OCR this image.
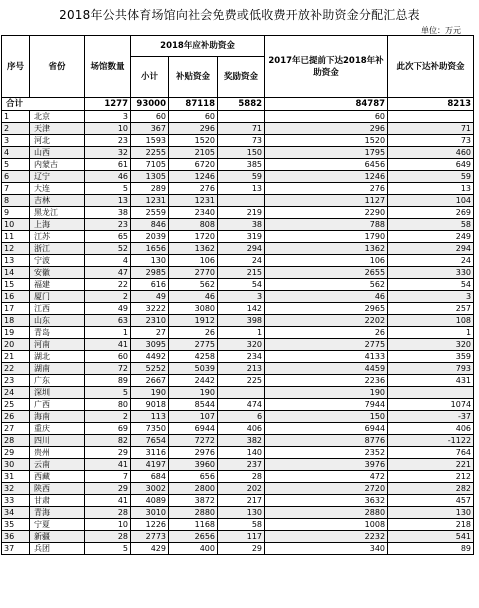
2018年公共体育场馆向社会免费或低收费开放补助资金分配汇总表
单位：万元
序号	省份	场馆数量	2018年应补助资金			2017年已提前下达2018年补助资金	此次下达补助资金
			小计	补贴资金	奖励资金		
合计		1277	93000	87118	5882	84787	8213
1	北京	3	60	60		60	
2	天津	10	367	296	71	296	71
3	河北	23	1593	1520	73	1520	73
4	山西	32	2255	2105	150	1795	460
5	内蒙古	61	7105	6720	385	6456	649
6	辽宁	46	1305	1246	59	1246	59
7	大连	5	289	276	13	276	13
8	吉林	13	1231	1231		1127	104
9	黑龙江	38	2559	2340	219	2290	269
10	上海	23	846	808	38	788	58
11	江苏	65	2039	1720	319	1790	249
12	浙江	52	1656	1362	294	1362	294
13	宁波	4	130	106	24	106	24
14	安徽	47	2985	2770	215	2655	330
15	福建	22	616	562	54	562	54
16	厦门	2	49	46	3	46	3
17	江西	49	3222	3080	142	2965	257
18	山东	63	2310	1912	398	2202	108
19	青岛	1	27	26	1	26	1
20	河南	41	3095	2775	320	2775	320
21	湖北	60	4492	4258	234	4133	359
22	湖南	72	5252	5039	213	4459	793
23	广东	89	2667	2442	225	2236	431
24	深圳	5	190	190		190	
25	广西	80	9018	8544	474	7944	1074
26	海南	2	113	107	6	150	-37
27	重庆	69	7350	6944	406	6944	406
28	四川	82	7654	7272	382	8776	-1122
29	贵州	29	3116	2976	140	2352	764
30	云南	41	4197	3960	237	3976	221
31	西藏	7	684	656	28	472	212
32	陕西	29	3002	2800	202	2720	282
33	甘肃	41	4089	3872	217	3632	457
34	青海	28	3010	2880	130	2880	130
35	宁夏	10	1226	1168	58	1008	218
36	新疆	28	2773	2656	117	2232	541
37	兵团	5	429	400	29	340	89
